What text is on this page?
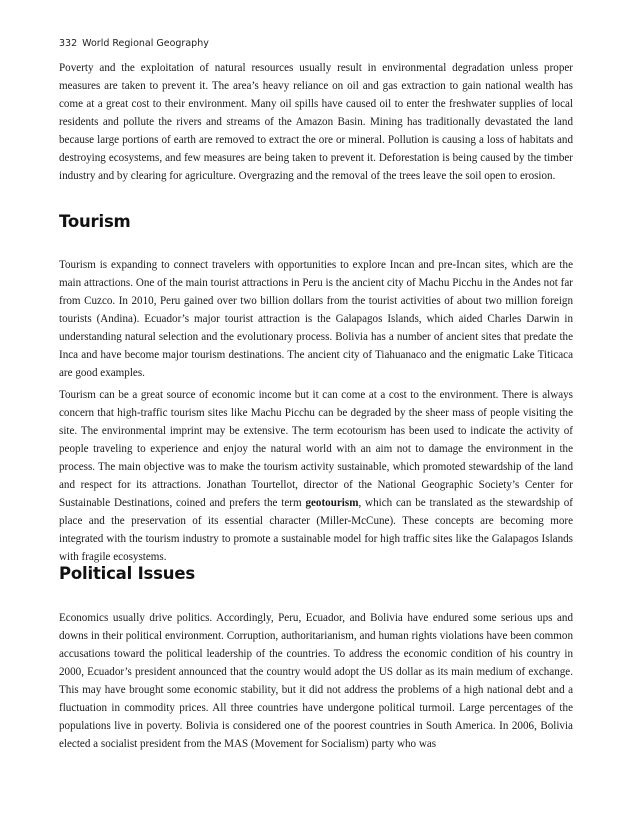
332 World Regional Geography

Poverty and the exploitation of natural resources usually result in environmental degradation unless proper measures are taken to prevent it. The area’s heavy reliance on oil and gas extraction to gain national wealth has come at a great cost to their environment. Many oil spills have caused oil to enter the freshwater supplies of local residents and pollute the rivers and streams of the Amazon Basin. Mining has traditionally devastated the land because large portions of earth are removed to extract the ore or mineral. Pollution is causing a loss of habitats and destroying ecosystems, and few measures are being taken to prevent it. Deforestation is being caused by the timber industry and by clearing for agriculture. Overgrazing and the removal of the trees leave the soil open to erosion.

Tourism

Tourism is expanding to connect travelers with opportunities to explore Incan and pre-Incan sites, which are the main attractions. One of the main tourist attractions in Peru is the ancient city of Machu Picchu in the Andes not far from Cuzco. In 2010, Peru gained over two billion dollars from the tourist activities of about two million foreign tourists (Andina). Ecuador’s major tourist attraction is the Galapagos Islands, which aided Charles Darwin in understanding natural selection and the evolutionary process. Bolivia has a number of ancient sites that predate the Inca and have become major tourism destinations. The ancient city of Tiahuanaco and the enigmatic Lake Titicaca are good examples.

Tourism can be a great source of economic income but it can come at a cost to the environment. There is always concern that high-traffic tourism sites like Machu Picchu can be degraded by the sheer mass of people visiting the site. The environmental imprint may be extensive. The term ecotourism has been used to indicate the activity of people traveling to experience and enjoy the natural world with an aim not to damage the environment in the process. The main objective was to make the tourism activity sustainable, which promoted stewardship of the land and respect for its attractions. Jonathan Tourtellot, director of the National Geographic Society’s Center for Sustainable Destinations, coined and prefers the term geotourism, which can be translated as the stewardship of place and the preservation of its essential character (Miller-McCune). These concepts are becoming more integrated with the tourism industry to promote a sustainable model for high traffic sites like the Galapagos Islands with fragile ecosystems.

Political Issues

Economics usually drive politics. Accordingly, Peru, Ecuador, and Bolivia have endured some serious ups and downs in their political environment. Corruption, authoritarianism, and human rights violations have been common accusations toward the political leadership of the countries. To address the economic condition of his country in 2000, Ecuador’s president announced that the country would adopt the US dollar as its main medium of exchange. This may have brought some economic stability, but it did not address the problems of a high national debt and a fluctuation in commodity prices. All three countries have undergone political turmoil. Large percentages of the populations live in poverty. Bolivia is considered one of the poorest countries in South America. In 2006, Bolivia elected a socialist president from the MAS (Movement for Socialism) party who was
